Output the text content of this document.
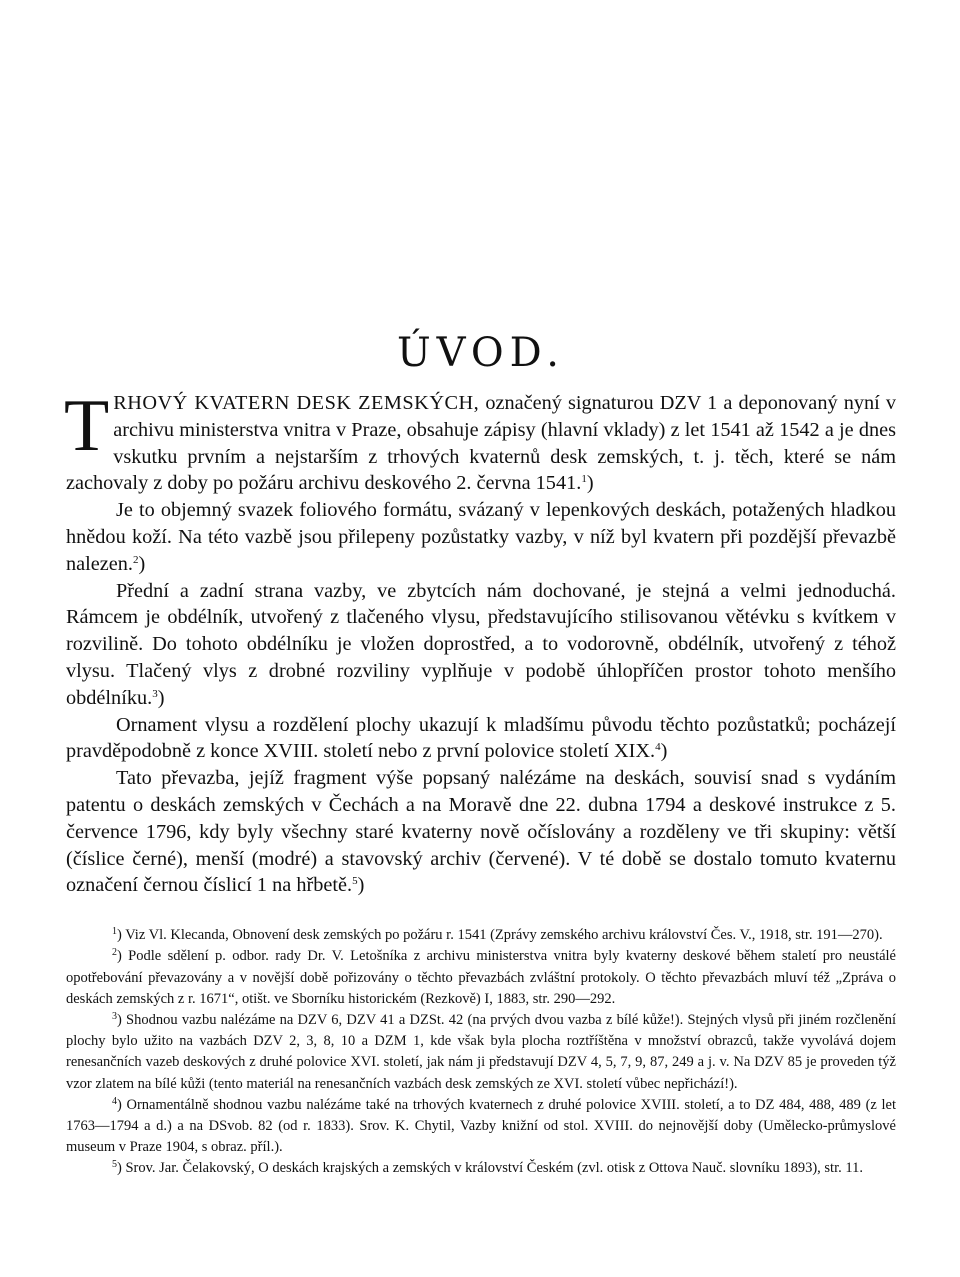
ÚVOD.

TRHOVÝ KVATERN DESK ZEMSKÝCH, označený signaturou DZV 1 a deponovaný nyní v archivu ministerstva vnitra v Praze, obsahuje zápisy (hlavní vklady) z let 1541 až 1542 a je dnes vskutku prvním a nejstarším z trhových kvaternů desk zemských, t. j. těch, které se nám zachovaly z doby po požáru archivu deskového 2. června 1541.$^1$)

Je to objemný svazek foliového formátu, svázaný v lepenkových deskách, potažených hladkou hnědou koží. Na této vazbě jsou přilepeny pozůstatky vazby, v níž byl kvatern při pozdější převazbě nalezen.$^2$)

Přední a zadní strana vazby, ve zbytcích nám dochované, je stejná a velmi jednoduchá. Rámcem je obdélník, utvořený z tlačeného vlysu, představujícího stilisovanou větévku s kvítkem v rozvilině. Do tohoto obdélníku je vložen doprostřed, a to vodorovně, obdélník, utvořený z téhož vlysu. Tlačený vlys z drobné rozviliny vyplňuje v podobě úhlopříčen prostor tohoto menšího obdélníku.$^3$)

Ornament vlysu a rozdělení plochy ukazují k mladšímu původu těchto pozůstatků; pocházejí pravděpodobně z konce XVIII. století nebo z první polovice století XIX.$^4$)

Tato převazba, jejíž fragment výše popsaný nalézáme na deskách, souvisí snad s vydáním patentu o deskách zemských v Čechách a na Moravě dne 22. dubna 1794 a deskové instrukce z 5. července 1796, kdy byly všechny staré kvaterny nově očíslovány a rozděleny ve tři skupiny: větší (číslice černé), menší (modré) a stavovský archiv (červené). V té době se dostalo tomuto kvaternu označení černou číslicí 1 na hřbetě.$^5$)

$^1$) Viz Vl. Klecanda, Obnovení desk zemských po požáru r. 1541 (Zprávy zemského archivu království Čes. V., 1918, str. 191—270).

$^2$) Podle sdělení p. odbor. rady Dr. V. Letošníka z archivu ministerstva vnitra byly kvaterny deskové během staletí pro neustálé opotřebování převazovány a v novější době pořizovány o těchto převazbách zvláštní protokoly. O těchto převazbách mluví též „Zpráva o deskách zemských z r. 1671“, otišt. ve Sborníku historickém (Rezkově) I, 1883, str. 290—292.

$^3$) Shodnou vazbu nalézáme na DZV 6, DZV 41 a DZSt. 42 (na prvých dvou vazba z bílé kůže!). Stejných vlysů při jiném rozčlenění plochy bylo užito na vazbách DZV 2, 3, 8, 10 a DZM 1, kde však byla plocha roztříštěna v množství obrazců, takže vyvolává dojem renesančních vazeb deskových z druhé polovice XVI. století, jak nám ji představují DZV 4, 5, 7, 9, 87, 249 a j. v. Na DZV 85 je proveden týž vzor zlatem na bílé kůži (tento materiál na renesančních vazbách desk zemských ze XVI. století vůbec nepřichází!).

$^4$) Ornamentálně shodnou vazbu nalézáme také na trhových kvaternech z druhé polovice XVIII. století, a to DZ 484, 488, 489 (z let 1763—1794 a d.) a na DSvob. 82 (od r. 1833). Srov. K. Chytil, Vazby knižní od stol. XVIII. do nejnovější doby (Umělecko-průmyslové museum v Praze 1904, s obraz. příl.).

$^5$) Srov. Jar. Čelakovský, O deskách krajských a zemských v království Českém (zvl. otisk z Ottova Nauč. slovníku 1893), str. 11.
